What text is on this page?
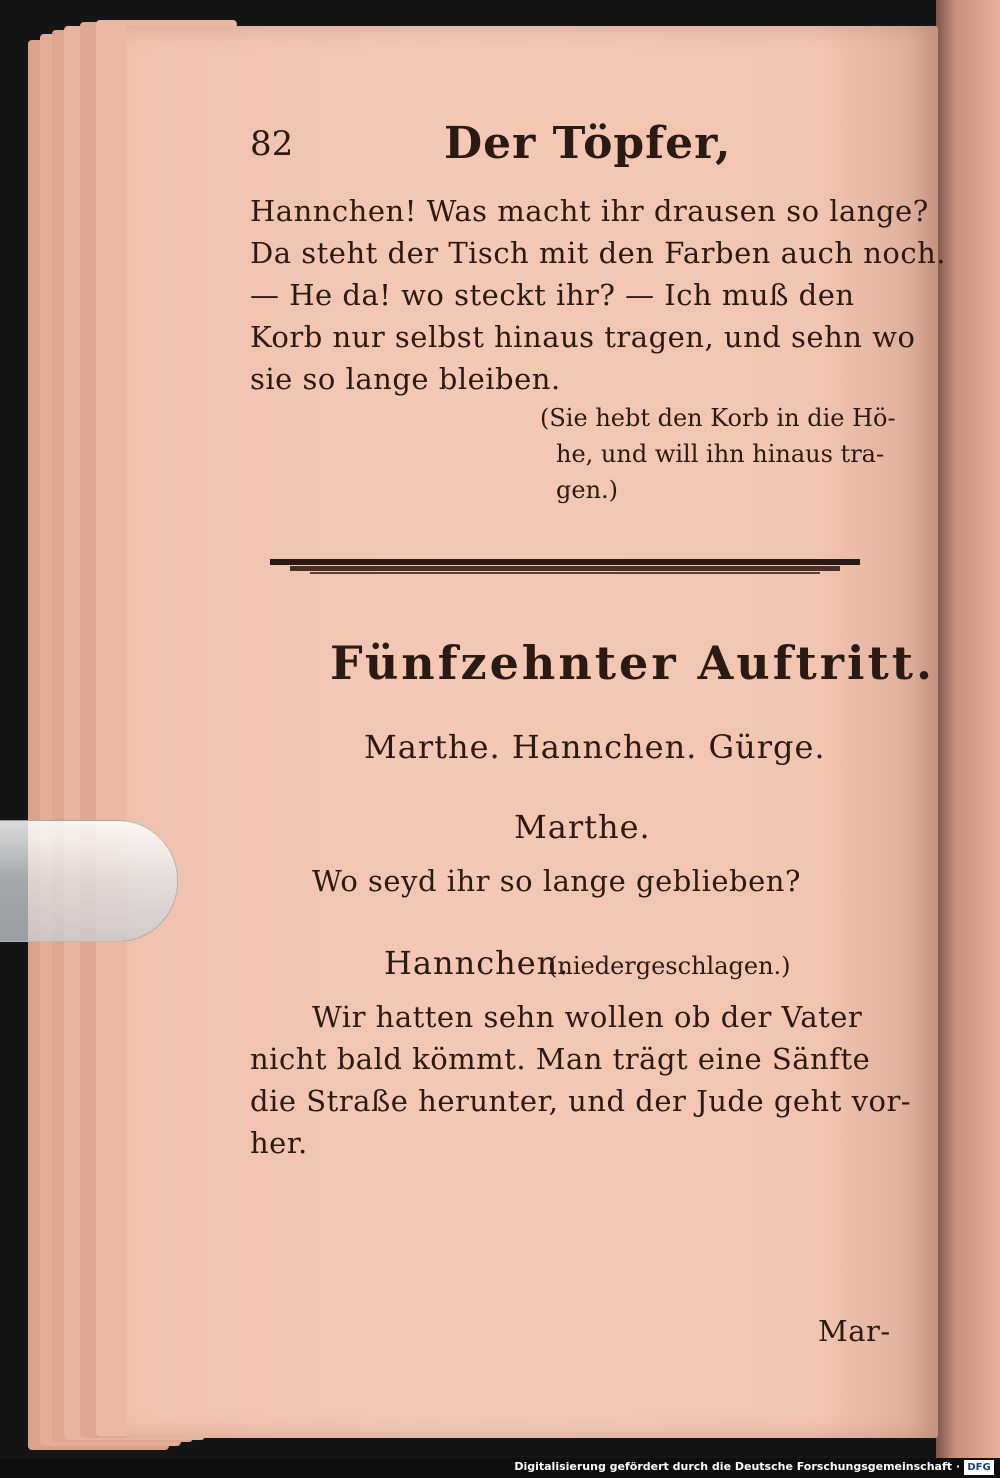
82	Der Töpfer,
Hannchen! Was macht ihr drausen so lange?
Da steht der Tisch mit den Farben auch noch.
— He da! wo steckt ihr? — Ich muß den
Korb nur selbst hinaus tragen, und sehn wo
sie so lange bleiben.
(Sie hebt den Korb in die Hö-
he, und will ihn hinaus tra-
gen.)
Fünfzehnter Auftritt.
Marthe. Hannchen. Gürge.
Marthe.
Wo seyd ihr so lange geblieben?
Hannchen.
(niedergeschlagen.)
Wir hatten sehn wollen ob der Vater
nicht bald kömmt. Man trägt eine Sänfte
die Straße herunter, und der Jude geht vor-
her.
Mar-
Digitalisierung gefördert durch die Deutsche Forschungsgemeinschaft · DFG
